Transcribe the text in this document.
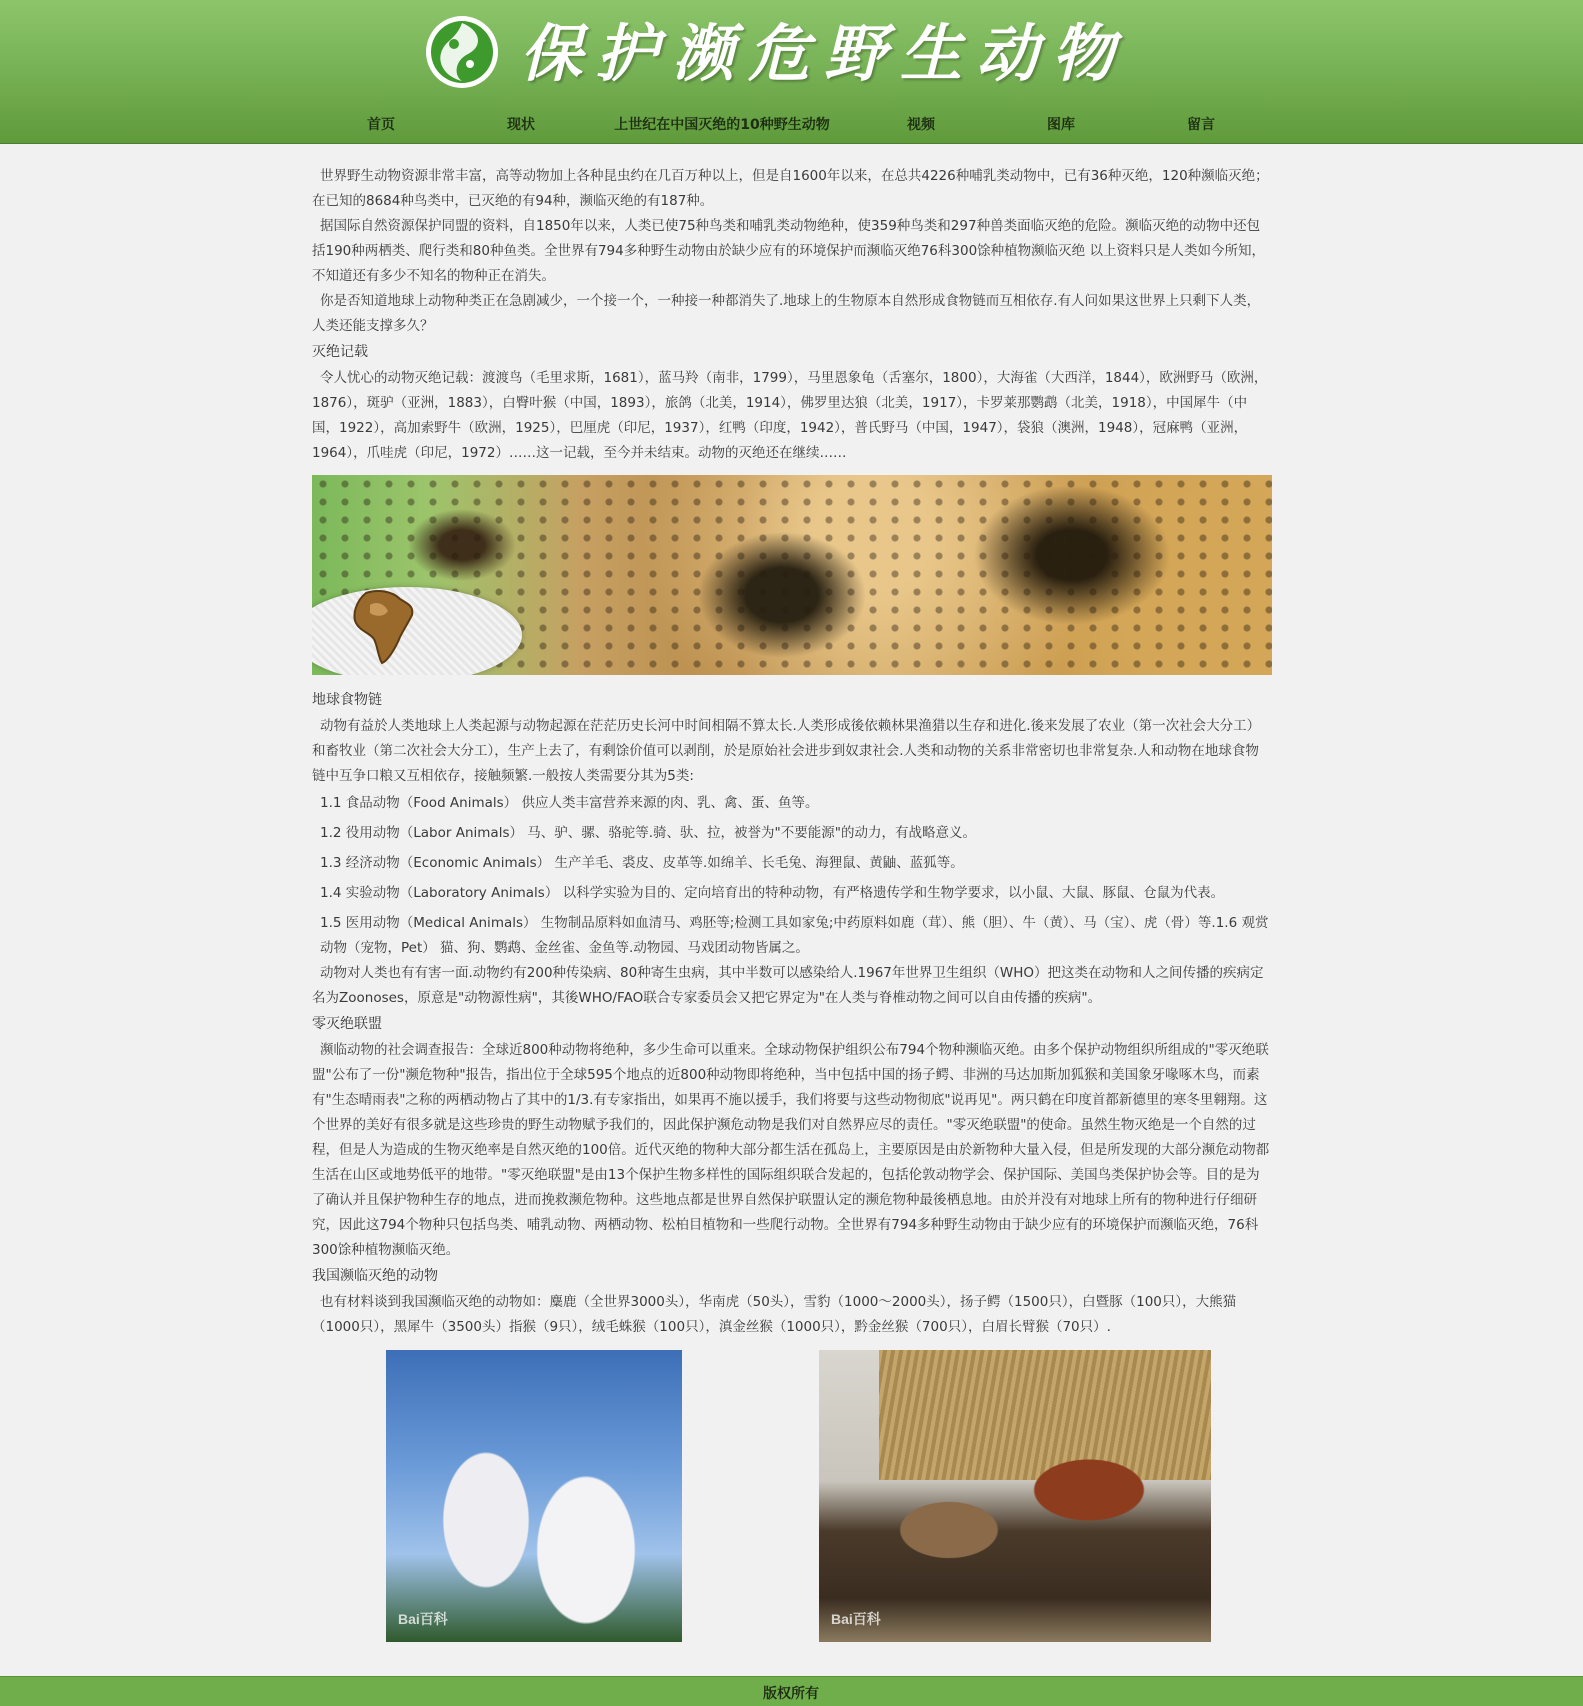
保护濒危野生动物
首页	现状	上世纪在中国灭绝的10种野生动物	视频	图库	留言

世界野生动物资源非常丰富，高等动物加上各种昆虫约在几百万种以上，但是自1600年以来，在总共4226种哺乳类动物中，已有36种灭绝，120种濒临灭绝；在已知的8684种鸟类中，已灭绝的有94种，濒临灭绝的有187种。

据国际自然资源保护同盟的资料，自1850年以来，人类已使75种鸟类和哺乳类动物绝种，使359种鸟类和297种兽类面临灭绝的危险。濒临灭绝的动物中还包括190种两栖类、爬行类和80种鱼类。全世界有794多种野生动物由於缺少应有的环境保护而濒临灭绝76科300馀种植物濒临灭绝 以上资料只是人类如今所知，不知道还有多少不知名的物种正在消失。

你是否知道地球上动物种类正在急剧减少，一个接一个，一种接一种都消失了.地球上的生物原本自然形成食物链而互相依存.有人问如果这世界上只剩下人类，人类还能支撑多久？

灭绝记载

令人忧心的动物灭绝记载：渡渡鸟（毛里求斯，1681），蓝马羚（南非，1799），马里恩象龟（舌塞尔，1800），大海雀（大西洋，1844），欧洲野马（欧洲，1876），斑驴（亚洲，1883），白臀叶猴（中国，1893），旅鸽（北美，1914），佛罗里达狼（北美，1917），卡罗莱那鹦鹉（北美，1918），中国犀牛（中国，1922），高加索野牛（欧洲，1925），巴厘虎（印尼，1937），红鸭（印度，1942），普氏野马（中国，1947），袋狼（澳洲，1948），冠麻鸭（亚洲，1964），爪哇虎（印尼，1972）……这一记载，至今并未结束。动物的灭绝还在继续……

地球食物链

动物有益於人类地球上人类起源与动物起源在茫茫历史长河中时间相隔不算太长.人类形成後依赖林果渔猎以生存和进化.後来发展了农业（第一次社会大分工）和畜牧业（第二次社会大分工），生产上去了，有剩馀价值可以剥削，於是原始社会进步到奴隶社会.人类和动物的关系非常密切也非常复杂.人和动物在地球食物链中互争口粮又互相依存，接触频繁.一般按人类需要分其为5类:

1.1 食品动物（Food Animals） 供应人类丰富营养来源的肉、乳、禽、蛋、鱼等。

1.2 役用动物（Labor Animals） 马、驴、骡、骆驼等.骑、驮、拉，被誉为"不要能源"的动力，有战略意义。

1.3 经济动物（Economic Animals） 生产羊毛、裘皮、皮革等.如绵羊、长毛兔、海狸鼠、黄鼬、蓝狐等。

1.4 实验动物（Laboratory Animals） 以科学实验为目的、定向培育出的特种动物，有严格遗传学和生物学要求，以小鼠、大鼠、豚鼠、仓鼠为代表。

1.5 医用动物（Medical Animals） 生物制品原料如血清马、鸡胚等;检测工具如家兔;中药原料如鹿（茸）、熊（胆）、牛（黄）、马（宝）、虎（骨）等.1.6 观赏动物（宠物，Pet） 猫、狗、鹦鹉、金丝雀、金鱼等.动物园、马戏团动物皆属之。

动物对人类也有有害一面.动物约有200种传染病、80种寄生虫病，其中半数可以感染给人.1967年世界卫生组织（WHO）把这类在动物和人之间传播的疾病定名为Zoonoses，原意是"动物源性病"，其後WHO/FAO联合专家委员会又把它界定为"在人类与脊椎动物之间可以自由传播的疾病"。

零灭绝联盟

濒临动物的社会调查报告：全球近800种动物将绝种，多少生命可以重来。全球动物保护组织公布794个物种濒临灭绝。由多个保护动物组织所组成的"零灭绝联盟"公布了一份"濒危物种"报告，指出位于全球595个地点的近800种动物即将绝种，当中包括中国的扬子鳄、非洲的马达加斯加狐猴和美国象牙喙啄木鸟，而素有"生态晴雨表"之称的两栖动物占了其中的1/3.有专家指出，如果再不施以援手，我们将要与这些动物彻底"说再见"。两只鹤在印度首都新德里的寒冬里翱翔。这个世界的美好有很多就是这些珍贵的野生动物赋予我们的，因此保护濒危动物是我们对自然界应尽的责任。"零灭绝联盟"的使命。虽然生物灭绝是一个自然的过程，但是人为造成的生物灭绝率是自然灭绝的100倍。近代灭绝的物种大部分都生活在孤岛上，主要原因是由於新物种大量入侵，但是所发现的大部分濒危动物都生活在山区或地势低平的地带。"零灭绝联盟"是由13个保护生物多样性的国际组织联合发起的，包括伦敦动物学会、保护国际、美国鸟类保护协会等。目的是为了确认并且保护物种生存的地点，进而挽救濒危物种。这些地点都是世界自然保护联盟认定的濒危物种最後栖息地。由於并没有对地球上所有的物种进行仔细研究，因此这794个物种只包括鸟类、哺乳动物、两栖动物、松柏目植物和一些爬行动物。全世界有794多种野生动物由于缺少应有的环境保护而濒临灭绝，76科300馀种植物濒临灭绝。

我国濒临灭绝的动物

也有材料谈到我国濒临灭绝的动物如：麋鹿（全世界3000头），华南虎（50头），雪豹（1000～2000头），扬子鳄（1500只），白暨豚（100只），大熊猫（1000只），黑犀牛（3500头）指猴（9只），绒毛蛛猴（100只），滇金丝猴（1000只），黔金丝猴（700只），白眉长臂猴（70只）.

Bai百科	Bai百科
版权所有
